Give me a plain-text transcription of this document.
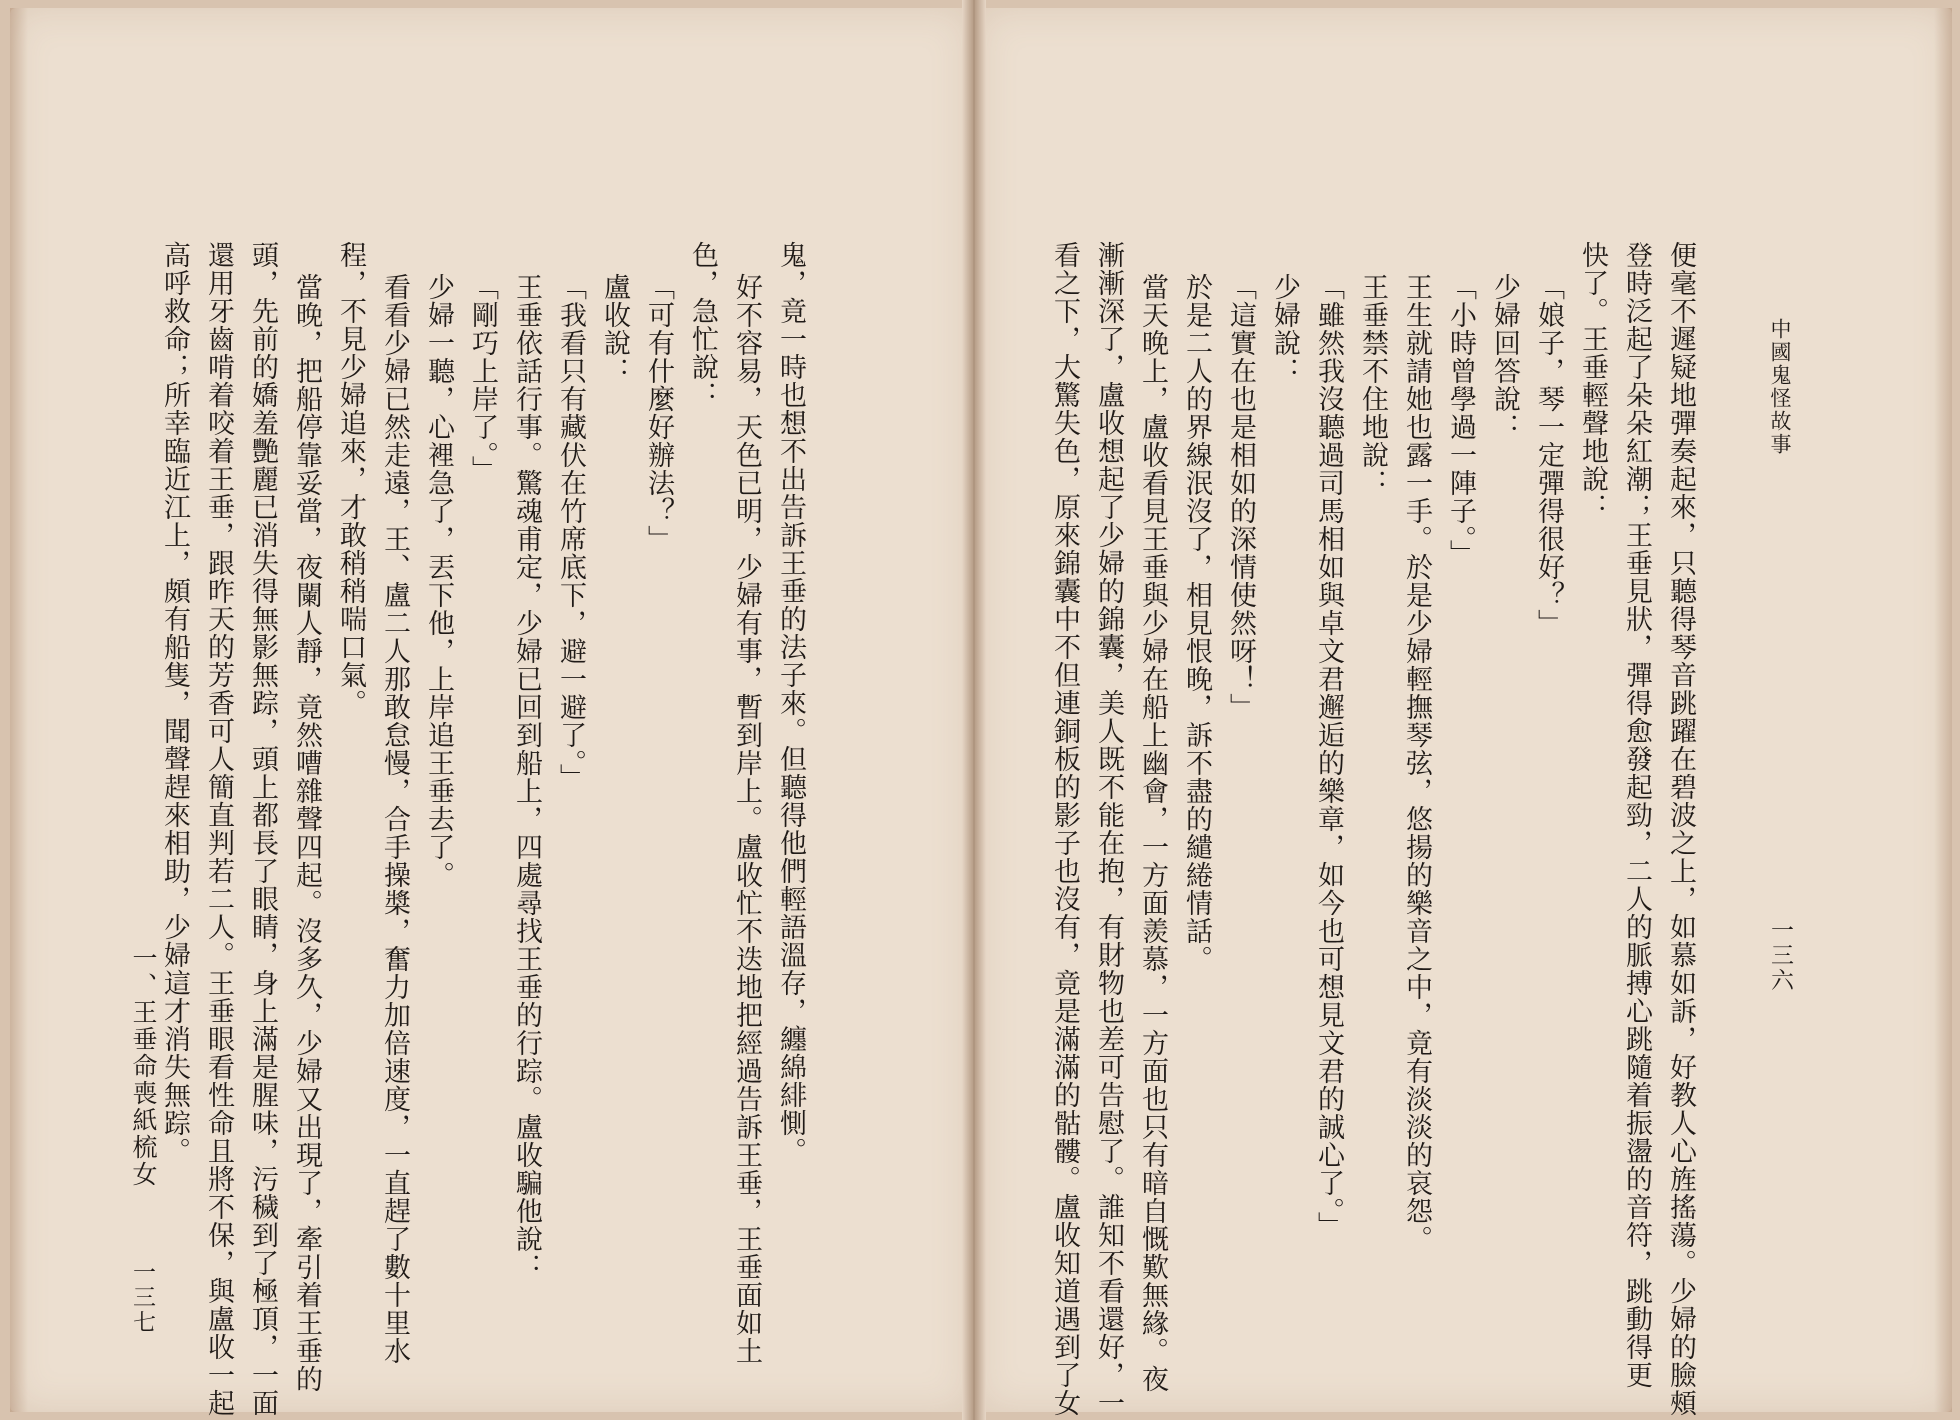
中國鬼怪故事
一三六
便毫不遲疑地彈奏起來，只聽得琴音跳躍在碧波之上，如慕如訴，好教人心旌搖蕩。少婦的臉頰
登時泛起了朵朵紅潮；王垂見狀，彈得愈發起勁，二人的脈搏心跳隨着振盪的音符，跳動得更
快了。王垂輕聲地說：
「娘子，琴一定彈得很好？」
少婦回答說：
「小時曾學過一陣子。」
王生就請她也露一手。於是少婦輕撫琴弦，悠揚的樂音之中，竟有淡淡的哀怨。
王垂禁不住地說：
「雖然我沒聽過司馬相如與卓文君邂逅的樂章，如今也可想見文君的誠心了。」
少婦說：
「這實在也是相如的深情使然呀！」
於是二人的界線泯沒了，相見恨晚，訴不盡的繾綣情話。
當天晚上，盧收看見王垂與少婦在船上幽會，一方面羨慕，一方面也只有暗自慨歎無緣。夜
漸漸深了，盧收想起了少婦的錦囊，美人既不能在抱，有財物也差可告慰了。誰知不看還好，一
看之下，大驚失色，原來錦囊中不但連銅板的影子也沒有，竟是滿滿的骷髏。盧收知道遇到了女
鬼，竟一時也想不出告訴王垂的法子來。但聽得他們輕語溫存，纏綿緋惻。
好不容易，天色已明，少婦有事，暫到岸上。盧收忙不迭地把經過告訴王垂，王垂面如土
色，急忙說：
「可有什麼好辦法？」
盧收說：
「我看只有藏伏在竹席底下，避一避了。」
王垂依話行事。驚魂甫定，少婦已回到船上，四處尋找王垂的行踪。盧收騙他說：
「剛巧上岸了。」
少婦一聽，心裡急了，丟下他，上岸追王垂去了。
看看少婦已然走遠，王、盧二人那敢怠慢，合手操槳，奮力加倍速度，一直趕了數十里水
程，不見少婦追來，才敢稍稍喘口氣。
當晚，把船停靠妥當，夜闌人靜，竟然嘈雜聲四起。沒多久，少婦又出現了，牽引着王垂的
頭，先前的嬌羞艷麗已消失得無影無踪，頭上都長了眼睛，身上滿是腥味，污穢到了極頂，一面
還用牙齒啃着咬着王垂，跟昨天的芳香可人簡直判若二人。王垂眼看性命且將不保，與盧收一起
高呼救命；所幸臨近江上，頗有船隻，聞聲趕來相助，少婦這才消失無踪。
一、王垂命喪紙梳女
一三七
